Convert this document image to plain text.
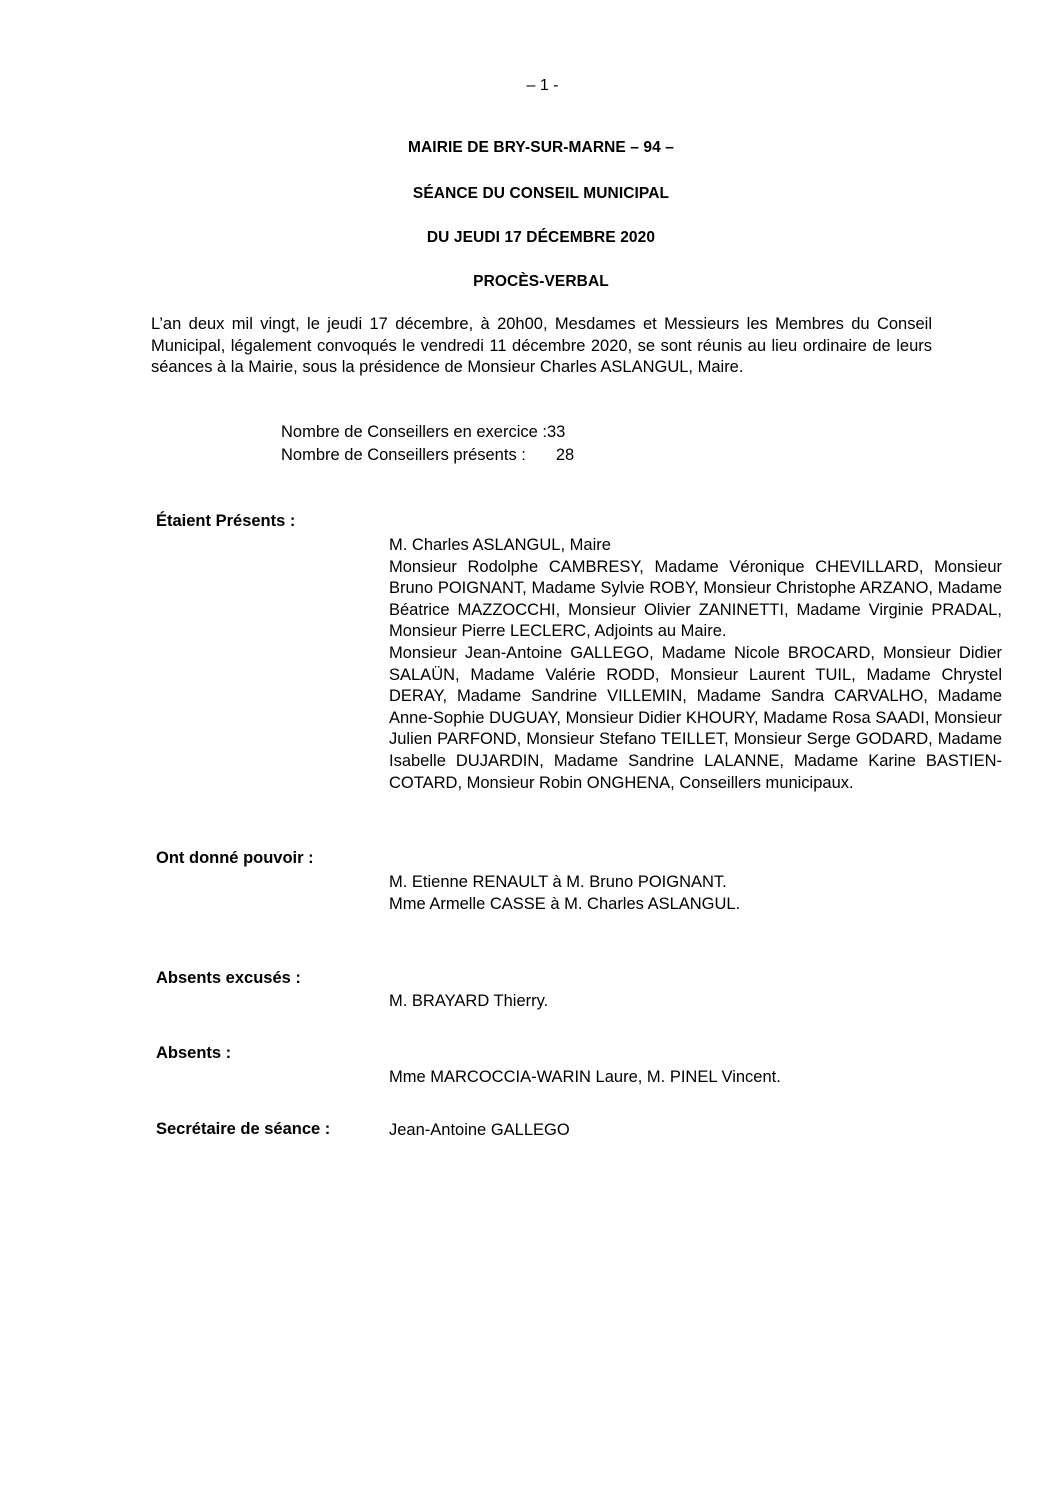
– 1 -
MAIRIE DE BRY-SUR-MARNE – 94 –
SÉANCE DU CONSEIL MUNICIPAL
DU JEUDI 17 DÉCEMBRE 2020
PROCÈS-VERBAL
L’an deux mil vingt, le jeudi 17 décembre, à 20h00, Mesdames et Messieurs les Membres du Conseil Municipal, légalement convoqués le vendredi 11 décembre 2020, se sont réunis au lieu ordinaire de leurs séances à la Mairie, sous la présidence de Monsieur Charles ASLANGUL, Maire.
Nombre de Conseillers en exercice : 33
Nombre de Conseillers présents : 28
Étaient Présents :
M. Charles ASLANGUL, Maire
Monsieur Rodolphe CAMBRESY, Madame Véronique CHEVILLARD, Monsieur Bruno POIGNANT, Madame Sylvie ROBY, Monsieur Christophe ARZANO, Madame Béatrice MAZZOCCHI, Monsieur Olivier ZANINETTI, Madame Virginie PRADAL, Monsieur Pierre LECLERC, Adjoints au Maire.
Monsieur Jean-Antoine GALLEGO, Madame Nicole BROCARD, Monsieur Didier SALAÜN, Madame Valérie RODD, Monsieur Laurent TUIL, Madame Chrystel DERAY, Madame Sandrine VILLEMIN, Madame Sandra CARVALHO, Madame Anne-Sophie DUGUAY, Monsieur Didier KHOURY, Madame Rosa SAADI, Monsieur Julien PARFOND, Monsieur Stefano TEILLET, Monsieur Serge GODARD, Madame Isabelle DUJARDIN, Madame Sandrine LALANNE, Madame Karine BASTIEN-COTARD, Monsieur Robin ONGHENA, Conseillers municipaux.
Ont donné pouvoir :
M. Etienne RENAULT à M. Bruno POIGNANT.
Mme Armelle CASSE à M. Charles ASLANGUL.
Absents excusés :
M. BRAYARD Thierry.
Absents :
Mme MARCOCCIA-WARIN Laure, M. PINEL Vincent.
Secrétaire de séance :	Jean-Antoine GALLEGO
